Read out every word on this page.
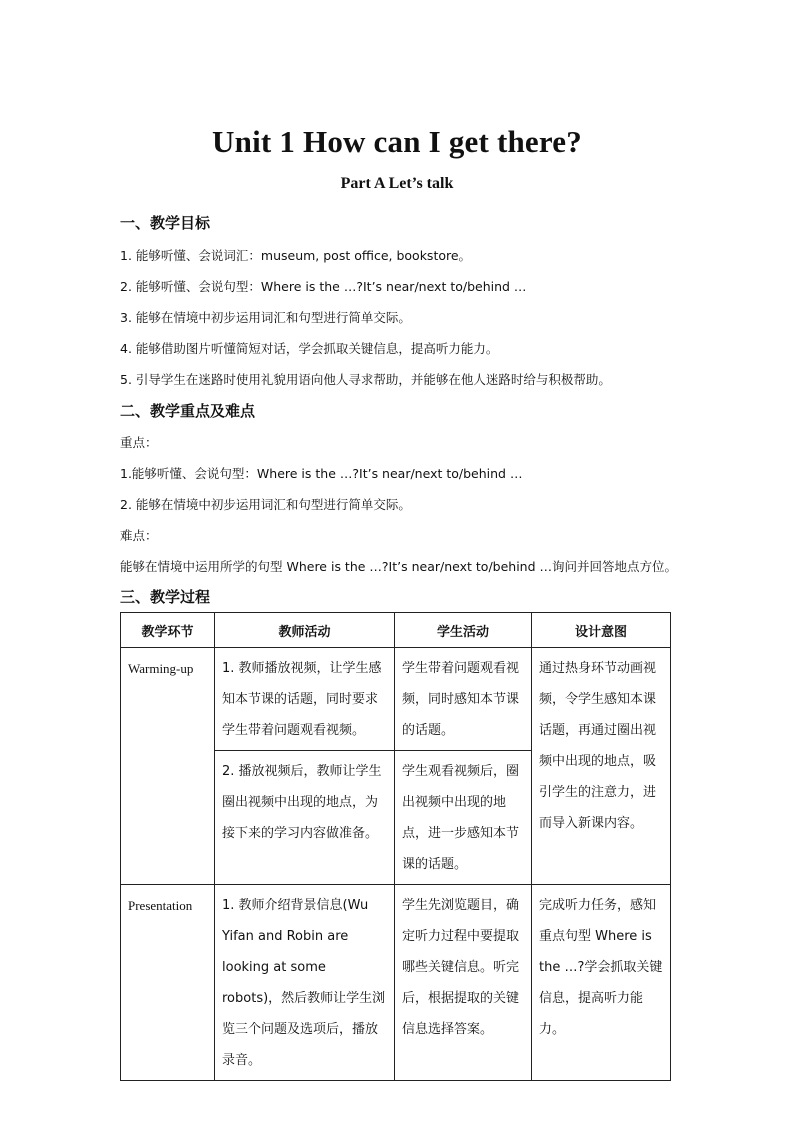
Unit 1 How can I get there?
Part A Let’s talk
一、教学目标
1. 能够听懂、会说词汇：museum, post office, bookstore。
2. 能够听懂、会说句型：Where is the …?It’s near/next to/behind …
3. 能够在情境中初步运用词汇和句型进行简单交际。
4. 能够借助图片听懂简短对话，学会抓取关键信息，提高听力能力。
5. 引导学生在迷路时使用礼貌用语向他人寻求帮助，并能够在他人迷路时给与积极帮助。
二、教学重点及难点
重点：
1.能够听懂、会说句型：Where is the …?It’s near/next to/behind …
2. 能够在情境中初步运用词汇和句型进行简单交际。
难点：
能够在情境中运用所学的句型 Where is the …?It’s near/next to/behind …询问并回答地点方位。
三、教学过程
教学环节	教师活动	学生活动	设计意图
Warming-up	1. 教师播放视频，让学生感知本节课的话题，同时要求学生带着问题观看视频。	学生带着问题观看视频，同时感知本节课的话题。	通过热身环节动画视频，令学生感知本课话题，再通过圈出视频中出现的地点，吸引学生的注意力，进而导入新课内容。
	2. 播放视频后，教师让学生圈出视频中出现的地点，为接下来的学习内容做准备。	学生观看视频后，圈出视频中出现的地点，进一步感知本节课的话题。	
Presentation	1. 教师介绍背景信息(Wu Yifan and Robin are looking at some robots)，然后教师让学生浏览三个问题及选项后，播放录音。	学生先浏览题目，确定听力过程中要提取哪些关键信息。听完后，根据提取的关键信息选择答案。	完成听力任务，感知重点句型 Where is the …?学会抓取关键信息，提高听力能力。
